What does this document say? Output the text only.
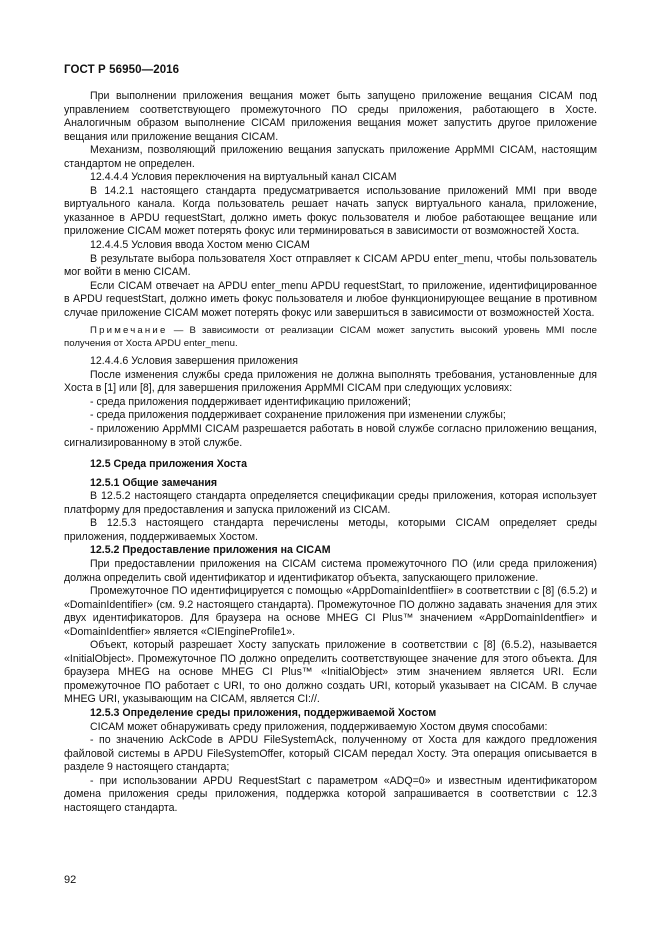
ГОСТ Р 56950—2016

При выполнении приложения вещания может быть запущено приложение вещания CICAM под управлением соответствующего промежуточного ПО среды приложения, работающего в Хосте. Аналогичным образом выполнение CICAM приложения вещания может запустить другое приложение вещания или приложение вещания CICAM.

Механизм, позволяющий приложению вещания запускать приложение AppMMI CICAM, настоящим стандартом не определен.

12.4.4.4 Условия переключения на виртуальный канал CICAM

В 14.2.1 настоящего стандарта предусматривается использование приложений MMI при вводе виртуального канала. Когда пользователь решает начать запуск виртуального канала, приложение, указанное в APDU requestStart, должно иметь фокус пользователя и любое работающее вещание или приложение CICAM может потерять фокус или терминироваться в зависимости от возможностей Хоста.

12.4.4.5 Условия ввода Хостом меню CICAM

В результате выбора пользователя Хост отправляет к CICAM APDU enter_menu, чтобы пользователь мог войти в меню CICAM.

Если CICAM отвечает на APDU enter_menu APDU requestStart, то приложение, идентифицированное в APDU requestStart, должно иметь фокус пользователя и любое функционирующее вещание в противном случае приложение CICAM может потерять фокус или завершиться в зависимости от возможностей Хоста.

Примечание — В зависимости от реализации CICAM может запустить высокий уровень MMI после получения от Хоста APDU enter_menu.

12.4.4.6 Условия завершения приложения

После изменения службы среда приложения не должна выполнять требования, установленные для Хоста в [1] или [8], для завершения приложения AppMMI CICAM при следующих условиях:

- среда приложения поддерживает идентификацию приложений;

- среда приложения поддерживает сохранение приложения при изменении службы;

- приложению AppMMI CICAM разрешается работать в новой службе согласно приложению вещания, сигнализированному в этой службе.

12.5 Среда приложения Хоста

12.5.1 Общие замечания

В 12.5.2 настоящего стандарта определяется спецификации среды приложения, которая использует платформу для предоставления и запуска приложений из CICAM.

В 12.5.3 настоящего стандарта перечислены методы, которыми CICAM определяет среды приложения, поддерживаемых Хостом.

12.5.2 Предоставление приложения на CICAM

При предоставлении приложения на CICAM система промежуточного ПО (или среда приложения) должна определить свой идентификатор и идентификатор объекта, запускающего приложение.

Промежуточное ПО идентифицируется с помощью «AppDomainIdentfiier» в соответствии с [8] (6.5.2) и «DomainIdentifier» (см. 9.2 настоящего стандарта). Промежуточное ПО должно задавать значения для этих двух идентификаторов. Для браузера на основе MHEG CI Plus™ значением «AppDomainIdentfier» и «DomainIdentfier» является «CIEngineProfile1».

Объект, который разрешает Хосту запускать приложение в соответствии с [8] (6.5.2), называется «InitialObject». Промежуточное ПО должно определить соответствующее значение для этого объекта. Для браузера MHEG на основе MHEG CI Plus™ «InitialObject» этим значением является URI. Если промежуточное ПО работает с URI, то оно должно создать URI, который указывает на CICAM. В случае MHEG URI, указывающим на CICAM, является CI://.

12.5.3 Определение среды приложения, поддерживаемой Хостом

CICAM может обнаруживать среду приложения, поддерживаемую Хостом двумя способами:

- по значению AckCode в APDU FileSystemAck, полученному от Хоста для каждого предложения файловой системы в APDU FileSystemOffer, который CICAM передал Хосту. Эта операция описывается в разделе 9 настоящего стандарта;

- при использовании APDU RequestStart с параметром «ADQ=0» и известным идентификатором домена приложения среды приложения, поддержка которой запрашивается в соответствии с 12.3 настоящего стандарта.

92
